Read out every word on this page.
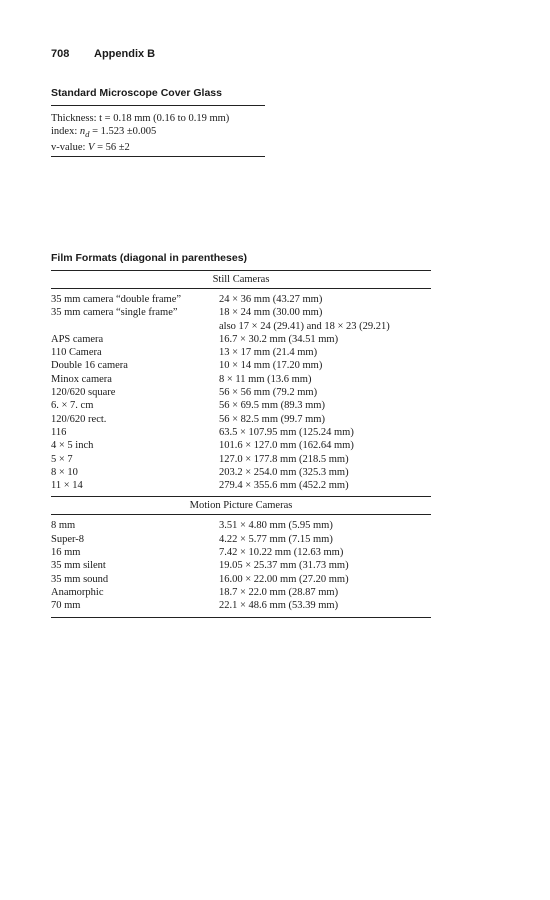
708 Appendix B
Standard Microscope Cover Glass
Thickness: t = 0.18 mm (0.16 to 0.19 mm)
index: $n_d = 1.523 \pm 0.005$
v-value: V = 56 ±2
Film Formats (diagonal in parentheses)
Still Cameras
35 mm camera “double frame”	24 × 36 mm (43.27 mm)
35 mm camera “single frame”	18 × 24 mm (30.00 mm)
also 17 × 24 (29.41) and 18 × 23 (29.21)
APS camera	16.7 × 30.2 mm (34.51 mm)
110 Camera	13 × 17 mm (21.4 mm)
Double 16 camera	10 × 14 mm (17.20 mm)
Minox camera	8 × 11 mm (13.6 mm)
120/620 square	56 × 56 mm (79.2 mm)
6. × 7. cm	56 × 69.5 mm (89.3 mm)
120/620 rect.	56 × 82.5 mm (99.7 mm)
116	63.5 × 107.95 mm (125.24 mm)
4 × 5 inch	101.6 × 127.0 mm (162.64 mm)
5 × 7	127.0 × 177.8 mm (218.5 mm)
8 × 10	203.2 × 254.0 mm (325.3 mm)
11 × 14	279.4 × 355.6 mm (452.2 mm)
Motion Picture Cameras
8 mm	3.51 × 4.80 mm (5.95 mm)
Super-8	4.22 × 5.77 mm (7.15 mm)
16 mm	7.42 × 10.22 mm (12.63 mm)
35 mm silent	19.05 × 25.37 mm (31.73 mm)
35 mm sound	16.00 × 22.00 mm (27.20 mm)
Anamorphic	18.7 × 22.0 mm (28.87 mm)
70 mm	22.1 × 48.6 mm (53.39 mm)
